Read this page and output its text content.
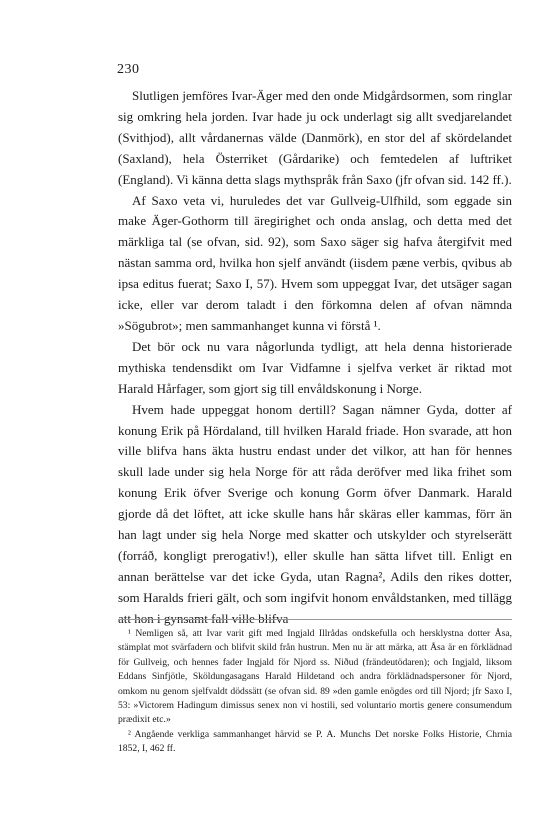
230

Slutligen jemföres Ivar-Äger med den onde Midgårdsormen, som ringlar sig omkring hela jorden. Ivar hade ju ock underlagt sig allt svedjarelandet (Svithjod), allt vårdanernas välde (Danmörk), en stor del af skördelandet (Saxland), hela Österriket (Gårdarike) och femtedelen af luftriket (England). Vi känna detta slags mythspråk från Saxo (jfr ofvan sid. 142 ff.).

Af Saxo veta vi, huruledes det var Gullveig-Ulfhild, som eggade sin make Äger-Gothorm till äregirighet och onda anslag, och detta med det märkliga tal (se ofvan, sid. 92), som Saxo säger sig hafva återgifvit med nästan samma ord, hvilka hon sjelf användt (iisdem pæne verbis, qvibus ab ipsa editus fuerat; Saxo I, 57). Hvem som uppeggat Ivar, det utsäger sagan icke, eller var derom taladt i den förkomna delen af ofvan nämnda »Sögubrot»; men sammanhanget kunna vi förstå ¹.

Det bör ock nu vara någorlunda tydligt, att hela denna historierade mythiska tendensdikt om Ivar Vidfamne i sjelfva verket är riktad mot Harald Hårfager, som gjort sig till envåldskonung i Norge.

Hvem hade uppeggat honom dertill? Sagan nämner Gyda, dotter af konung Erik på Hördaland, till hvilken Harald friade. Hon svarade, att hon ville blifva hans äkta hustru endast under det vilkor, att han för hennes skull lade under sig hela Norge för att råda deröfver med lika frihet som konung Erik öfver Sverige och konung Gorm öfver Danmark. Harald gjorde då det löftet, att icke skulle hans hår skäras eller kammas, förr än han lagt under sig hela Norge med skatter och utskylder och styrelserätt (forráð, kongligt prerogativ!), eller skulle han sätta lifvet till. Enligt en annan berättelse var det icke Gyda, utan Ragna², Adils den rikes dotter, som Haralds frieri gält, och som ingifvit honom envåldstanken, med tillägg att hon i gynsamt fall ville blifva

¹ Nemligen så, att Ivar varit gift med Ingjald Illrådas ondskefulla och hersklystna dotter Åsa, stämplat mot svärfadern och blifvit skild från hustrun. Men nu är att märka, att Åsa är en förklädnad för Gullveig, och hennes fader Ingjald för Njord ss. Niðud (frändeutödaren); och Ingjald, liksom Eddans Sinfjötle, Sköldungasagans Harald Hildetand och andra förklädnadspersoner för Njord, omkom nu genom sjelfvaldt dödssätt (se ofvan sid. 89 »den gamle enögdes ord till Njord; jfr Saxo I, 53: »Victorem Hadingum dimissus senex non vi hostili, sed voluntario mortis genere consumendum prædixit etc.»

² Angående verkliga sammanhanget härvid se P. A. Munchs Det norske Folks Historie, Chrnia 1852, I, 462 ff.
